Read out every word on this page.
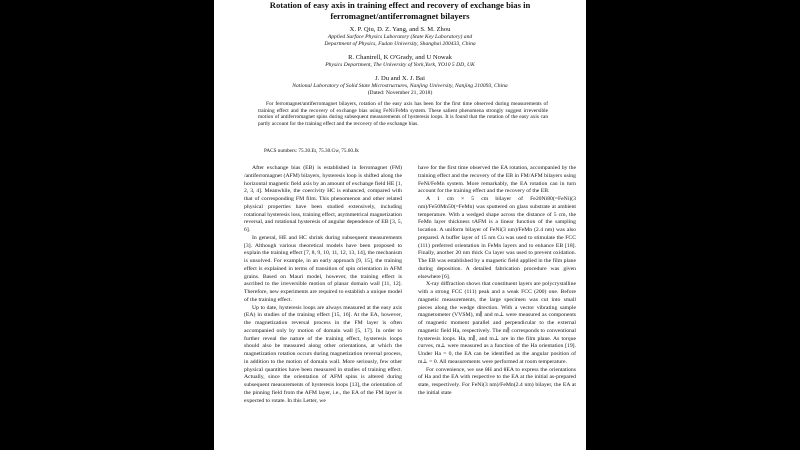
Rotation of easy axis in training effect and recovery of exchange bias in
ferromagnet/antiferromagnet bilayers
X. P. Qiu, D. Z. Yang, and S. M. Zhou
Applied Surface Physics Laboratory (State Key Laboratory) and
Department of Physics, Fudan University, Shanghai 200433, China
R. Chantrell, K O'Grady, and U Nowak
Physics Department, The University of York,York, YO10 5 DD, UK
J. Du and X. J. Bai
National Laboratory of Solid State Microstructures, Nanjing University, Nanjing 210093, China
(Dated: November 21, 2018)
For ferromagnet/antiferromagnet bilayers, rotation of the easy axis has been for the first time observed during measurements of training effect and the recovery of exchange bias using FeNi/FeMn system. These salient phenomena strongly suggest irreversible motion of antiferromagnet spins during subsequent measurements of hysteresis loops. It is found that the rotation of the easy axis can partly account for the training effect and the recovery of the exchange bias.
PACS numbers: 75.30.Et, 75.30.Gw, 75.60.Jk

After exchange bias (EB) is established in ferromagnet (FM) /antiferromagnet (AFM) bilayers, hysteresis loop is shifted along the horizontal magnetic field axis by an amount of exchange field HE [1, 2, 3, 4]. Meanwhile, the coercivity HC is enhanced, compared with that of corresponding FM film. This phenomenon and other related physical properties have been studied extensively, including rotational hysteresis loss, training effect, asymmetrical magnetization reversal, and rotational hysteresis of angular dependence of EB [3, 5, 6].

In general, HE and HC shrink during subsequent measurements [3]. Although various theoretical models have been proposed to explain the training effect [7, 8, 9, 10, 11, 12, 13, 14], the mechanism is unsolved. For example, in an early approach [9, 15], the training effect is explained in terms of transition of spin orientation in AFM grains. Based on Mauri model, however, the training effect is ascribed to the irreversible motion of planar domain wall [11, 12]. Therefore, new experiments are required to establish a unique model of the training effect.

Up to date, hysteresis loops are always measured at the easy axis (EA) in studies of the training effect [15, 16]. At the EA, however, the magnetization reversal process in the FM layer is often accompanied only by motion of domain wall [5, 17]. In order to further reveal the nature of the training effect, hysteresis loops should also be measured along other orientations, at which the magnetization rotation occurs during magnetization reversal process, in addition to the motion of domain wall. More seriously, few other physical quantities have been measured in studies of training effect. Actually, since the orientation of AFM spins is altered during subsequent measurements of hysteresis loops [13], the orientation of the pinning field from the AFM layer, i.e., the EA of the FM layer is expected to rotate. In this Letter, we

have for the first time observed the EA rotation, accompanied by the training effect and the recovery of the EB in FM/AFM bilayers using FeNi/FeMn system. More remarkably, the EA rotation can in turn account for the training effect and the recovery of the EB.

A 1 cm × 5 cm bilayer of Fe20Ni80(=FeNi)(3 nm)/Fe50Mn50(=FeMn) was sputtered on glass substrate at ambient temperature. With a wedged shape across the distance of 5 cm, the FeMn layer thickness tAFM is a linear function of the sampling location. A uniform bilayer of FeNi(3 nm)/FeMn (2.4 nm) was also prepared. A buffer layer of 15 nm Cu was used to stimulate the FCC (111) preferred orientation in FeMn layers and to enhance EB [18]. Finally, another 20 nm thick Cu layer was used to prevent oxidation. The EB was established by a magnetic field applied in the film plane during deposition. A detailed fabrication procedure was given elsewhere [6].

X-ray diffraction shows that constituent layers are polycrystalline with a strong FCC (111) peak and a weak FCC (200) one. Before magnetic measurements, the large specimen was cut into small pieces along the wedge direction. With a vector vibrating sample magnetometer (VVSM), m∥ and m⊥ were measured as components of magnetic moment parallel and perpendicular to the external magnetic field Ha, respectively. The m∥ corresponds to conventional hysteresis loops. Ha, m∥, and m⊥ are in the film plane. As torque curves, m⊥ were measured as a function of the Ha orientation [19]. Under Ha = 0, the EA can be identified as the angular position of m⊥ = 0. All measurements were performed at room temperature.

For convenience, we use θH and θEA to express the orientations of Ha and the EA with respective to the EA at the initial as-prepared state, respectively. For FeNi(3 nm)/FeMn(2.4 nm) bilayer, the EA at the initial state
